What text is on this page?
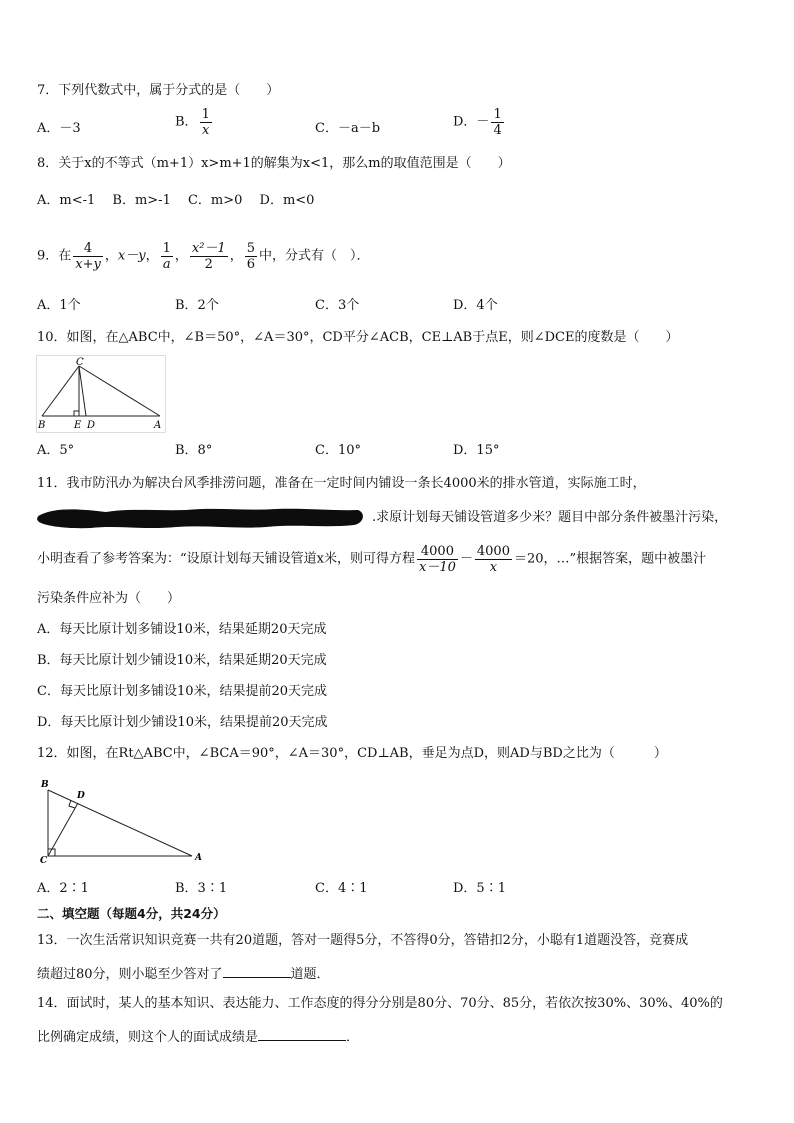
7．下列代数式中，属于分式的是（　　）
A．－3	B． $\frac{1}{x}$	C．－a－b	D．－ $\frac{1}{4}$
8．关于x的不等式（m+1）x>m+1的解集为x<1，那么m的取值范围是（　　）
A．m<-1　 B．m>-1　 C．m>0　 D．m<0
9．在 $\frac{4}{x+y}$ ，x－y， $\frac{1}{a}$ ， $\frac{\text{x²－1}}{2}$ ， $\frac{5}{6}$ 中，分式有（　）．
A．1个	B．2个	C．3个	D．4个
10．如图，在△ABC中，∠B＝50°，∠A＝30°，CD平分∠ACB，CE⊥AB于点E，则∠DCE的度数是（　　）
C
B	E D	A
A．5°	B．8°	C．10°	D．15°
11．我市防汛办为解决台风季排涝问题，准备在一定时间内铺设一条长4000米的排水管道，实际施工时，
.求原计划每天铺设管道多少米？题目中部分条件被墨汁污染，
小明查看了参考答案为：“设原计划每天铺设管道x米，则可得方程 $\frac{4000}{x-10} - \frac{4000}{x} =20$，…”根据答案，题中被墨汁
污染条件应补为（　　）
A．每天比原计划多铺设10米，结果延期20天完成
B．每天比原计划少铺设10米，结果延期20天完成
C．每天比原计划多铺设10米，结果提前20天完成
D．每天比原计划少铺设10米，结果提前20天完成
12．如图，在Rt△ABC中，∠BCA＝90°，∠A＝30°，CD⊥AB，垂足为点D，则AD与BD之比为（　　　）
B
D
C	A
A．2∶1	B．3∶1	C．4∶1	D．5∶1
二、填空题（每题4分，共24分）
13．一次生活常识知识竞赛一共有20道题，答对一题得5分，不答得0分，答错扣2分，小聪有1道题没答，竞赛成
绩超过80分，则小聪至少答对了	道题．
14．面试时，某人的基本知识、表达能力、工作态度的得分分别是80分、70分、85分，若依次按30%、30%、40%的
比例确定成绩，则这个人的面试成绩是	．
